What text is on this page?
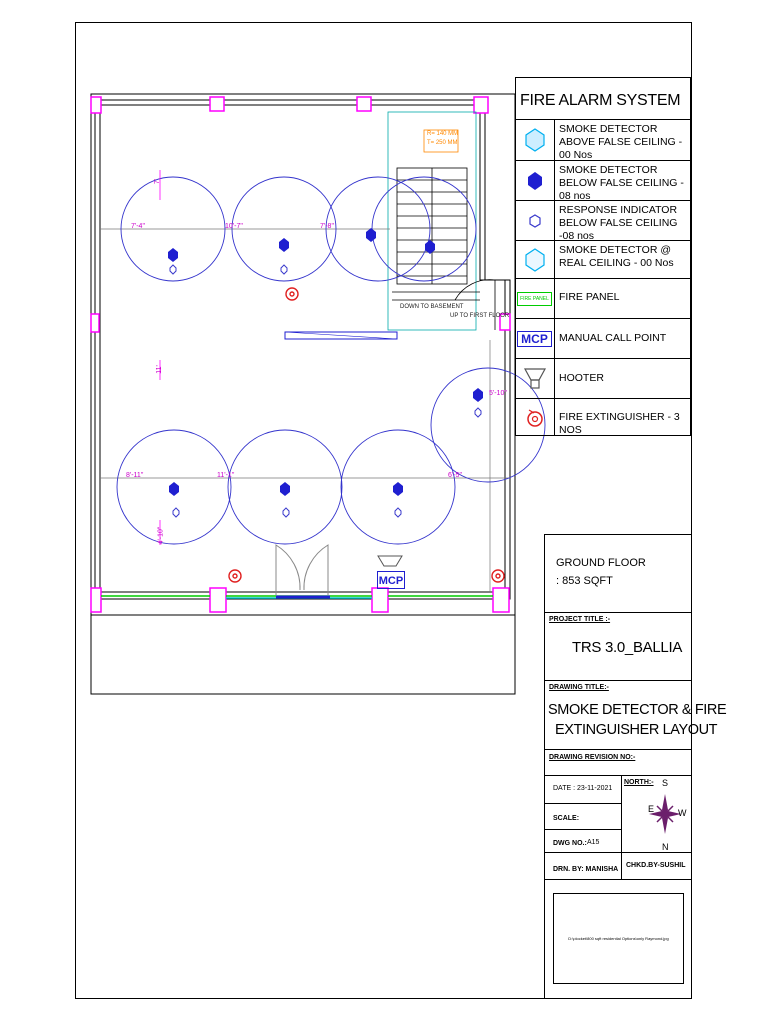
R= 140 MM
T= 250 MM
DOWN TO BASEMENT
UP TO FIRST FLOOR
MCP
7'-4"	10'-7"	7'-8"
8'-11"	11'-1"	6'-5"
4'-10"
5'-10"
7'
11'
FIRE ALARM SYSTEM
SMOKE DETECTOR ABOVE FALSE CEILING - 00 Nos
SMOKE DETECTOR BELOW FALSE CEILING - 08 nos
RESPONSE INDICATOR BELOW FALSE CEILING -08 nos
SMOKE DETECTOR @ REAL CEILING - 00 Nos
FIRE PANEL FIRE PANEL
MCP	MANUAL CALL POINT
HOOTER
FIRE EXTINGUISHER - 3 NOS
GROUND FLOOR
: 853 SQFT
PROJECT TITLE :-
TRS 3.0_BALLIA
DRAWING TITLE:-
SMOKE DETECTOR & FIRE
EXTINGUISHER LAYOUT
DRAWING REVISION NO:-
DATE : 23-11-2021
NORTH:- S
E	W
N
SCALE:
DWG NO.: A15
DRN. BY: MANISHA
CHKD.BY-SUSHIL
D:\plocket\800 sqft residential Options\only Raymond.jpg
